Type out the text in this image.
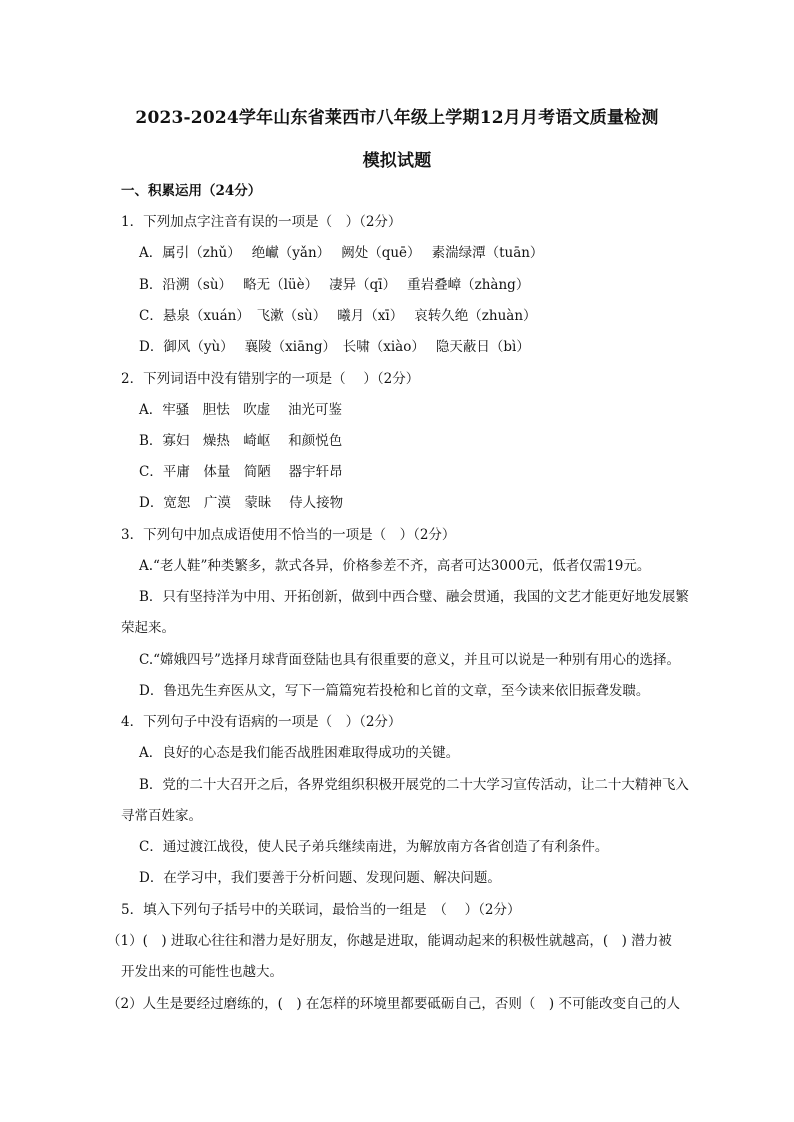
2023-2024学年山东省莱西市八年级上学期12月月考语文质量检测
模拟试题
一、积累运用（24分）
1．下列加点字注音有误的一项是（　）（2分）
A．属引（zhǔ）　 绝𪩘（yǎn）　 阙处（quē）　 素湍绿潭（tuān）
B．沿溯（sù）　 略无（lüè）　 凄异（qī）　 重岩叠嶂（zhàng）
C．悬泉（xuán）　飞漱（sù）　 曦月（xī）　 哀转久绝（zhuàn）
D．御风（yù）　 襄陵（xiāng）　长啸（xiào）　 隐天蔽日（bì）
2．下列词语中没有错别字的一项是（　 ）（2分）
A．牢骚　胆怯　吹虚　 油光可鉴
B．寡妇　燥热　崎岖　 和颜悦色
C．平庸　体量　简陋　 器宇轩昂
D．宽恕　广漠　蒙昧　 侍人接物
3．下列句中加点成语使用不恰当的一项是（　）（2分）
A.“老人鞋”种类繁多，款式各异，价格参差不齐，高者可达3000元，低者仅需19元。
B．只有坚持洋为中用、开拓创新，做到中西合璧、融会贯通，我国的文艺才能更好地发展繁
荣起来。
C.“嫦娥四号”选择月球背面登陆也具有很重要的意义，并且可以说是一种别有用心的选择。
D．鲁迅先生弃医从文，写下一篇篇宛若投枪和匕首的文章，至今读来依旧振聋发聩。
4．下列句子中没有语病的一项是（　）（2分）
A．良好的心态是我们能否战胜困难取得成功的关键。
B．党的二十大召开之后，各界党组织积极开展党的二十大学习宣传活动，让二十大精神飞入
寻常百姓家。
C．通过渡江战役，使人民子弟兵继续南进，为解放南方各省创造了有利条件。
D．在学习中，我们要善于分析问题、发现问题、解决问题。
5．填入下列句子括号中的关联词，最恰当的一组是　（　 ）（2分）
（1）(　) 进取心往往和潜力是好朋友，你越是进取，能调动起来的积极性就越高，(　) 潜力被
开发出来的可能性也越大。
（2）人生是要经过磨练的，(　) 在怎样的环境里都要砥砺自己，否则（　) 不可能改变自己的人
